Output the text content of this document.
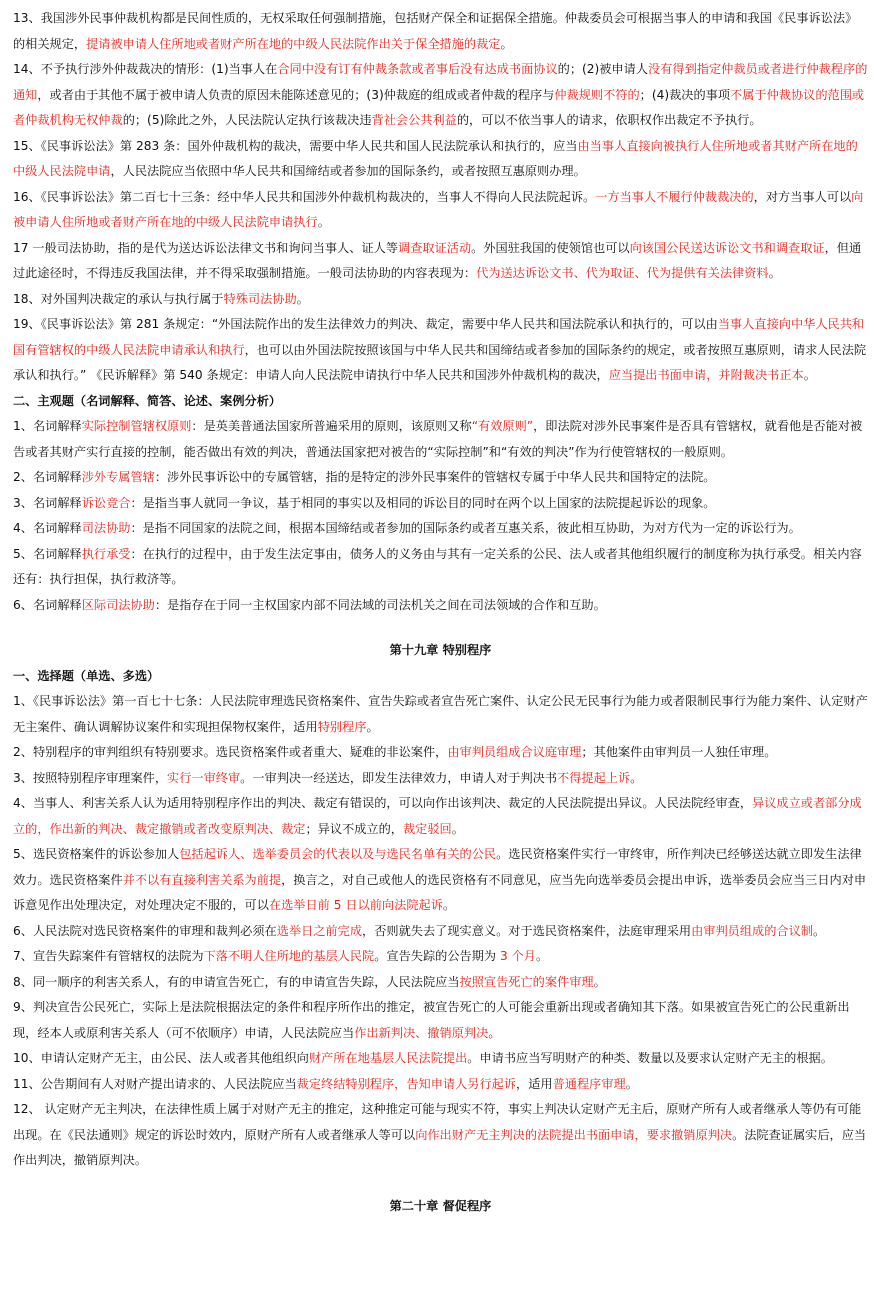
13、我国涉外民事仲裁机构都是民间性质的，无权采取任何强制措施，包括财产保全和证据保全措施。仲裁委员会可根据当事人的申请和我国《民事诉讼法》的相关规定，提请被申请人住所地或者财产所在地的中级人民法院作出关于保全措施的裁定。

14、不予执行涉外仲裁裁决的情形：(1)当事人在合同中没有订有仲裁条款或者事后没有达成书面协议的；(2)被申请人没有得到指定仲裁员或者进行仲裁程序的通知，或者由于其他不属于被申请人负责的原因未能陈述意见的；(3)仲裁庭的组成或者仲裁的程序与仲裁规则不符的；(4)裁决的事项不属于仲裁协议的范围或者仲裁机构无权仲裁的；(5)除此之外，人民法院认定执行该裁决违背社会公共利益的，可以不依当事人的请求，依职权作出裁定不予执行。

15、《民事诉讼法》第 283 条：国外仲裁机构的裁决，需要中华人民共和国人民法院承认和执行的，应当由当事人直接向被执行人住所地或者其财产所在地的中级人民法院申请，人民法院应当依照中华人民共和国缔结或者参加的国际条约，或者按照互惠原则办理。

16、《民事诉讼法》第二百七十三条：经中华人民共和国涉外仲裁机构裁决的，当事人不得向人民法院起诉。一方当事人不履行仲裁裁决的，对方当事人可以向被申请人住所地或者财产所在地的中级人民法院申请执行。

17 一般司法协助，指的是代为送达诉讼法律文书和询问当事人、证人等调查取证活动。外国驻我国的使领馆也可以向该国公民送达诉讼文书和调查取证，但通过此途径时，不得违反我国法律，并不得采取强制措施。一般司法协助的内容表现为：代为送达诉讼文书、代为取证、代为提供有关法律资料。

18、对外国判决裁定的承认与执行属于特殊司法协助。

19、《民事诉讼法》第 281 条规定：“外国法院作出的发生法律效力的判决、裁定，需要中华人民共和国法院承认和执行的，可以由当事人直接向中华人民共和国有管辖权的中级人民法院申请承认和执行，也可以由外国法院按照该国与中华人民共和国缔结或者参加的国际条约的规定，或者按照互惠原则，请求人民法院承认和执行。” 《民诉解释》第 540 条规定：申请人向人民法院申请执行中华人民共和国涉外仲裁机构的裁决，应当提出书面申请，并附裁决书正本。

二、主观题（名词解释、简答、论述、案例分析）

1、名词解释实际控制管辖权原则：是英美普通法国家所普遍采用的原则，该原则又称“有效原则”，即法院对涉外民事案件是否具有管辖权，就看他是否能对被告或者其财产实行直接的控制，能否做出有效的判决，普通法国家把对被告的“实际控制”和“有效的判决”作为行使管辖权的一般原则。

2、名词解释涉外专属管辖：涉外民事诉讼中的专属管辖，指的是特定的涉外民事案件的管辖权专属于中华人民共和国特定的法院。

3、名词解释诉讼竞合：是指当事人就同一争议，基于相同的事实以及相同的诉讼目的同时在两个以上国家的法院提起诉讼的现象。

4、名词解释司法协助：是指不同国家的法院之间，根据本国缔结或者参加的国际条约或者互惠关系，彼此相互协助，为对方代为一定的诉讼行为。

5、名词解释执行承受：在执行的过程中，由于发生法定事由，债务人的义务由与其有一定关系的公民、法人或者其他组织履行的制度称为执行承受。相关内容还有：执行担保，执行救济等。

6、名词解释区际司法协助：是指存在于同一主权国家内部不同法域的司法机关之间在司法领域的合作和互助。

第十九章 特别程序

一、选择题（单选、多选）

1、《民事诉讼法》第一百七十七条：人民法院审理选民资格案件、宣告失踪或者宣告死亡案件、认定公民无民事行为能力或者限制民事行为能力案件、认定财产无主案件、确认调解协议案件和实现担保物权案件，适用特别程序。

2、特别程序的审判组织有特别要求。选民资格案件或者重大、疑难的非讼案件，由审判员组成合议庭审理；其他案件由审判员一人独任审理。

3、按照特别程序审理案件，实行一审终审。一审判决一经送达，即发生法律效力，申请人对于判决书不得提起上诉。

4、当事人、利害关系人认为适用特别程序作出的判决、裁定有错误的，可以向作出该判决、裁定的人民法院提出异议。人民法院经审查，异议成立或者部分成立的，作出新的判决、裁定撤销或者改变原判决、裁定；异议不成立的，裁定驳回。

5、选民资格案件的诉讼参加人包括起诉人、选举委员会的代表以及与选民名单有关的公民。选民资格案件实行一审终审，所作判决已经够送达就立即发生法律效力。选民资格案件并不以有直接利害关系为前提，换言之，对自己或他人的选民资格有不同意见，应当先向选举委员会提出申诉，选举委员会应当三日内对申诉意见作出处理决定，对处理决定不服的，可以在选举日前 5 日以前向法院起诉。

6、人民法院对选民资格案件的审理和裁判必须在选举日之前完成，否则就失去了现实意义。对于选民资格案件，法庭审理采用由审判员组成的合议制。

7、宣告失踪案件有管辖权的法院为下落不明人住所地的基层人民院。宣告失踪的公告期为 3 个月。

8、同一顺序的利害关系人，有的申请宣告死亡，有的申请宣告失踪，人民法院应当按照宣告死亡的案件审理。

9、判决宣告公民死亡，实际上是法院根据法定的条件和程序所作出的推定，被宣告死亡的人可能会重新出现或者确知其下落。如果被宣告死亡的公民重新出现，经本人或原利害关系人（可不依顺序）申请，人民法院应当作出新判决、撤销原判决。

10、申请认定财产无主，由公民、法人或者其他组织向财产所在地基层人民法院提出。申请书应当写明财产的种类、数量以及要求认定财产无主的根据。

11、公告期间有人对财产提出请求的、人民法院应当裁定终结特别程序，告知申请人另行起诉，适用普通程序审理。

12、 认定财产无主判决，在法律性质上属于对财产无主的推定，这种推定可能与现实不符，事实上判决认定财产无主后，原财产所有人或者继承人等仍有可能出现。在《民法通则》规定的诉讼时效内，原财产所有人或者继承人等可以向作出财产无主判决的法院提出书面申请，要求撤销原判决。法院查证属实后，应当作出判决，撤销原判决。

第二十章 督促程序
